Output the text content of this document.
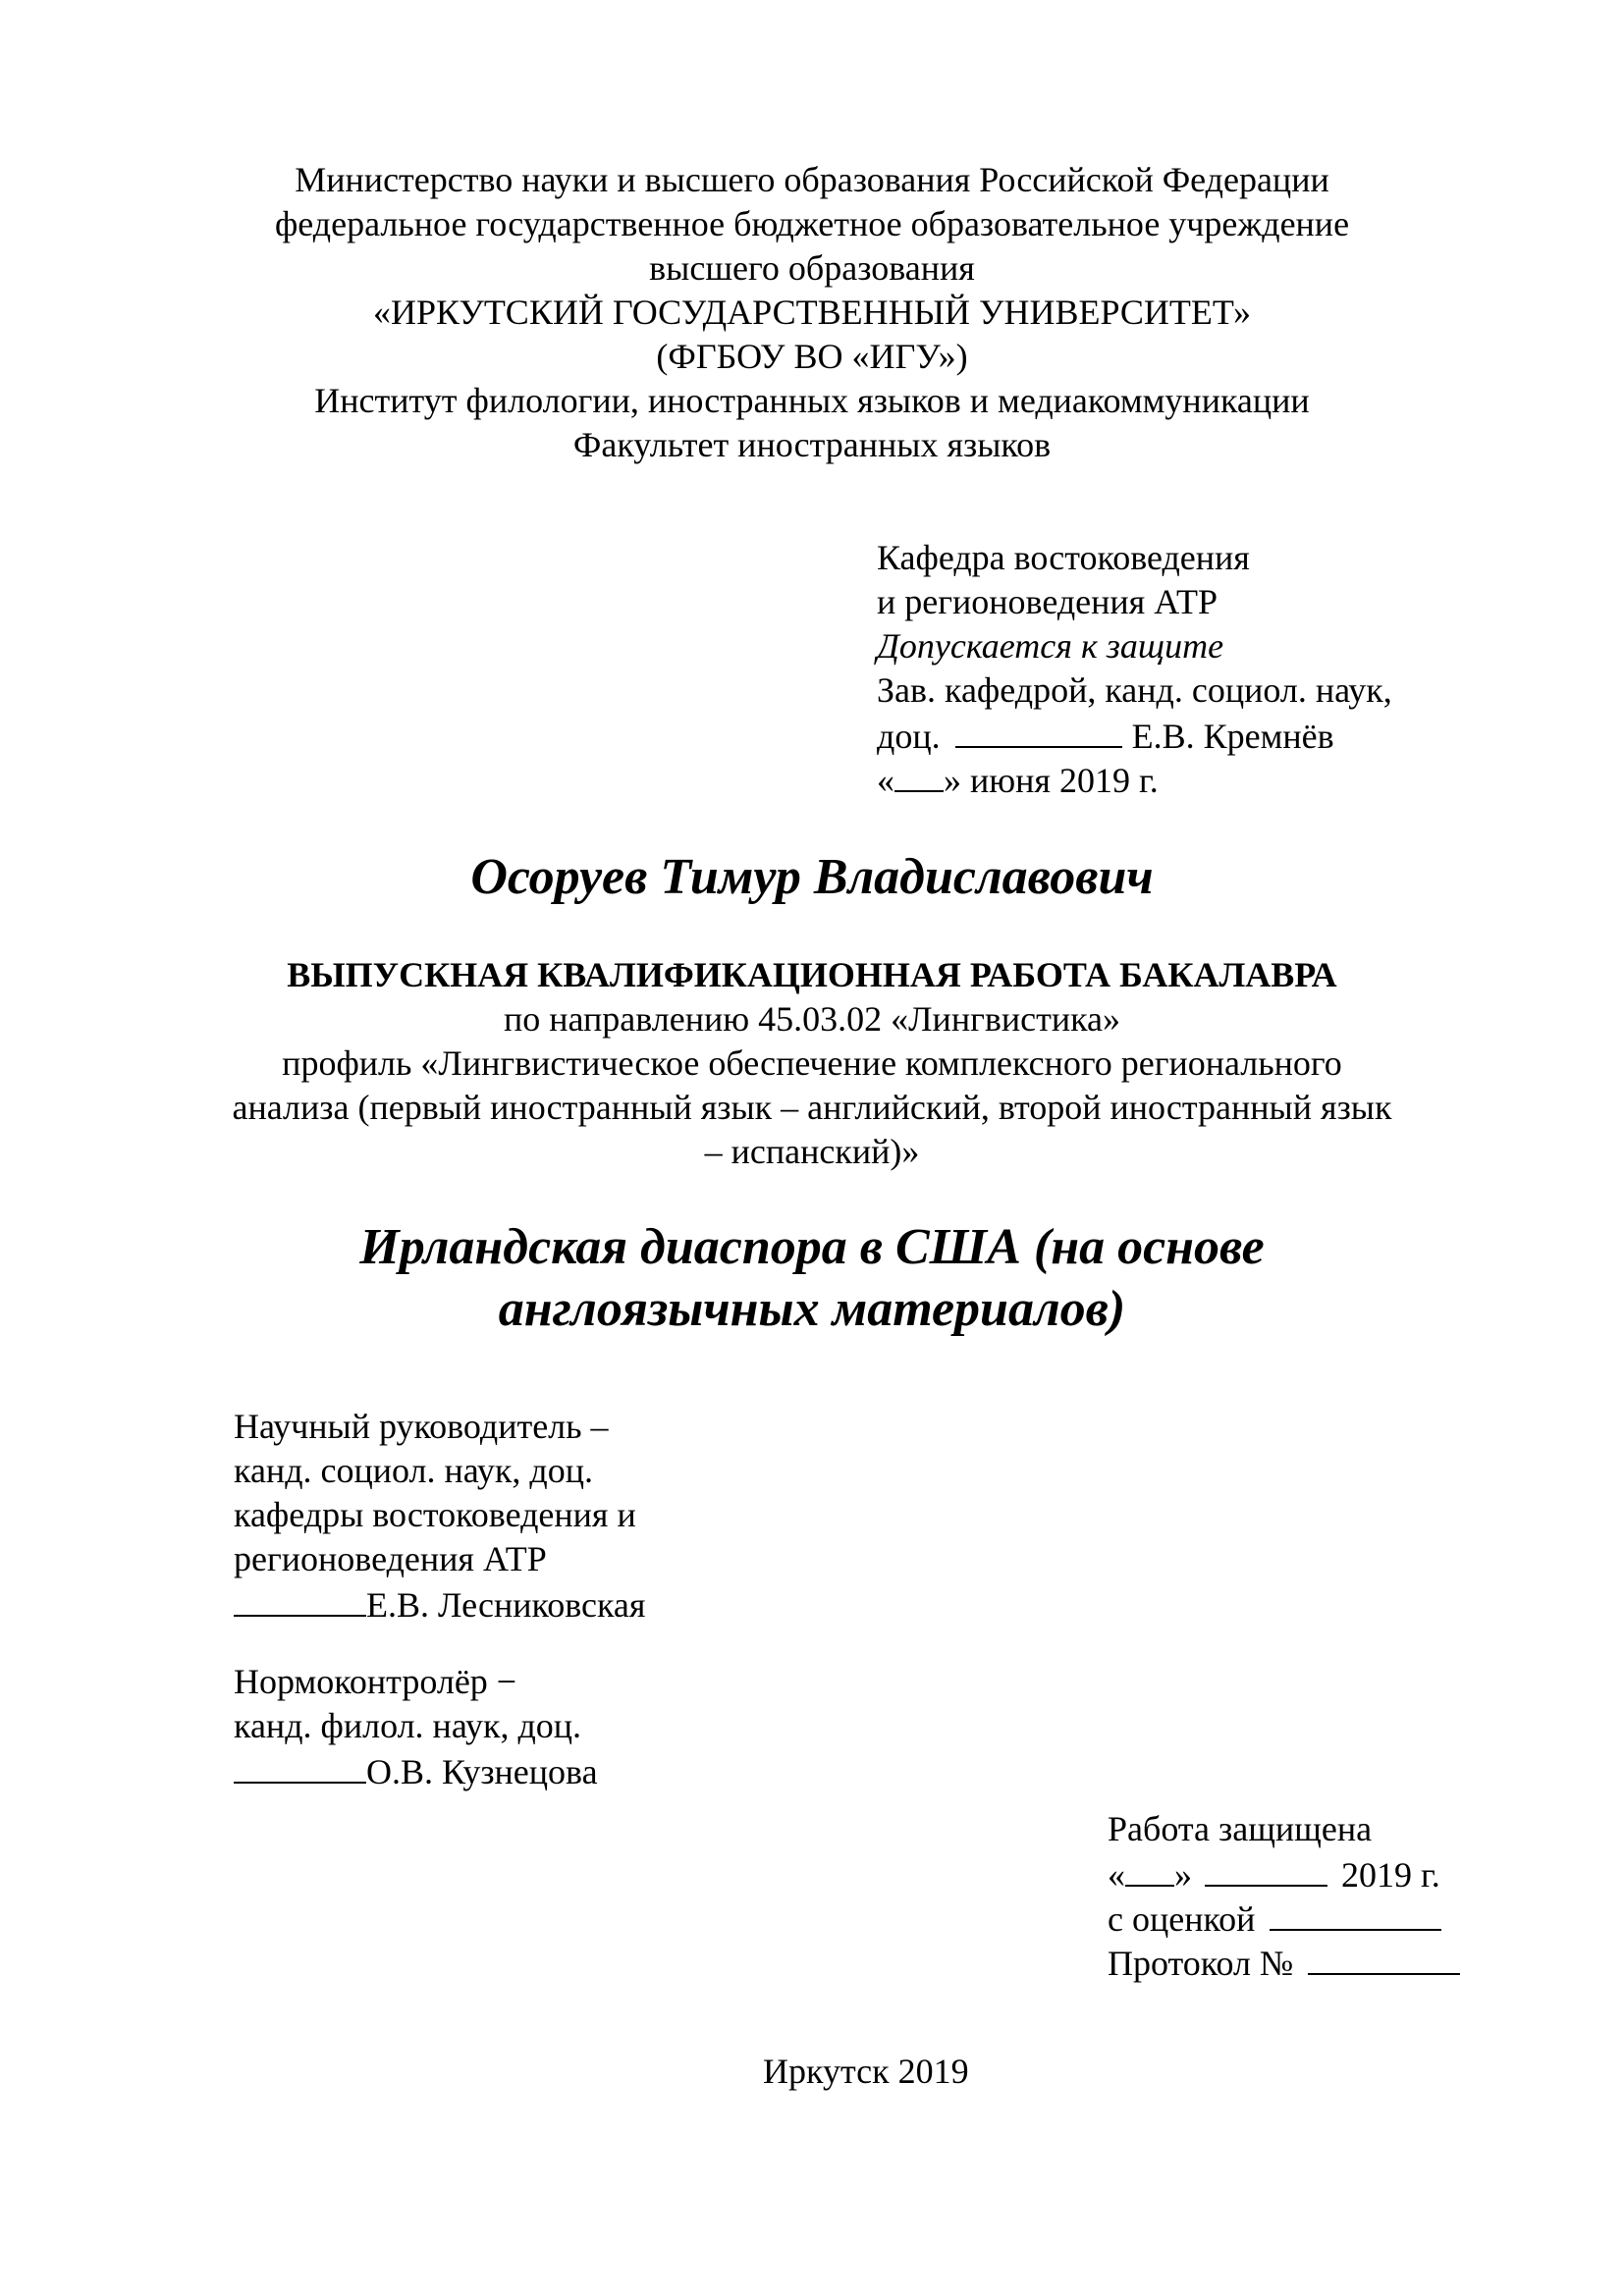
Министерство науки и высшего образования Российской Федерации
федеральное государственное бюджетное образовательное учреждение
высшего образования
«ИРКУТСКИЙ ГОСУДАРСТВЕННЫЙ УНИВЕРСИТЕТ»
(ФГБОУ ВО «ИГУ»)
Институт филологии, иностранных языков и медиакоммуникации
Факультет иностранных языков
Кафедра востоковедения
и регионоведения АТР
Допускается к защите
Зав. кафедрой, канд. социол. наук,
доц.	Е.В. Кремнёв
« » июня 2019 г.
Осоруев Тимур Владиславович
ВЫПУСКНАЯ КВАЛИФИКАЦИОННАЯ РАБОТА БАКАЛАВРА
по направлению 45.03.02 «Лингвистика»
профиль «Лингвистическое обеспечение комплексного регионального
анализа (первый иностранный язык – английский, второй иностранный язык
– испанский)»
Ирландская диаспора в США (на основе
англоязычных материалов)
Научный руководитель –
канд. социол. наук, доц.
кафедры востоковедения и
регионоведения АТР
Е.В. Лесниковская
Нормоконтролёр −
канд. филол. наук, доц.
О.В. Кузнецова
Работа защищена
« »	2019 г.
с оценкой
Протокол №
Иркутск 2019
